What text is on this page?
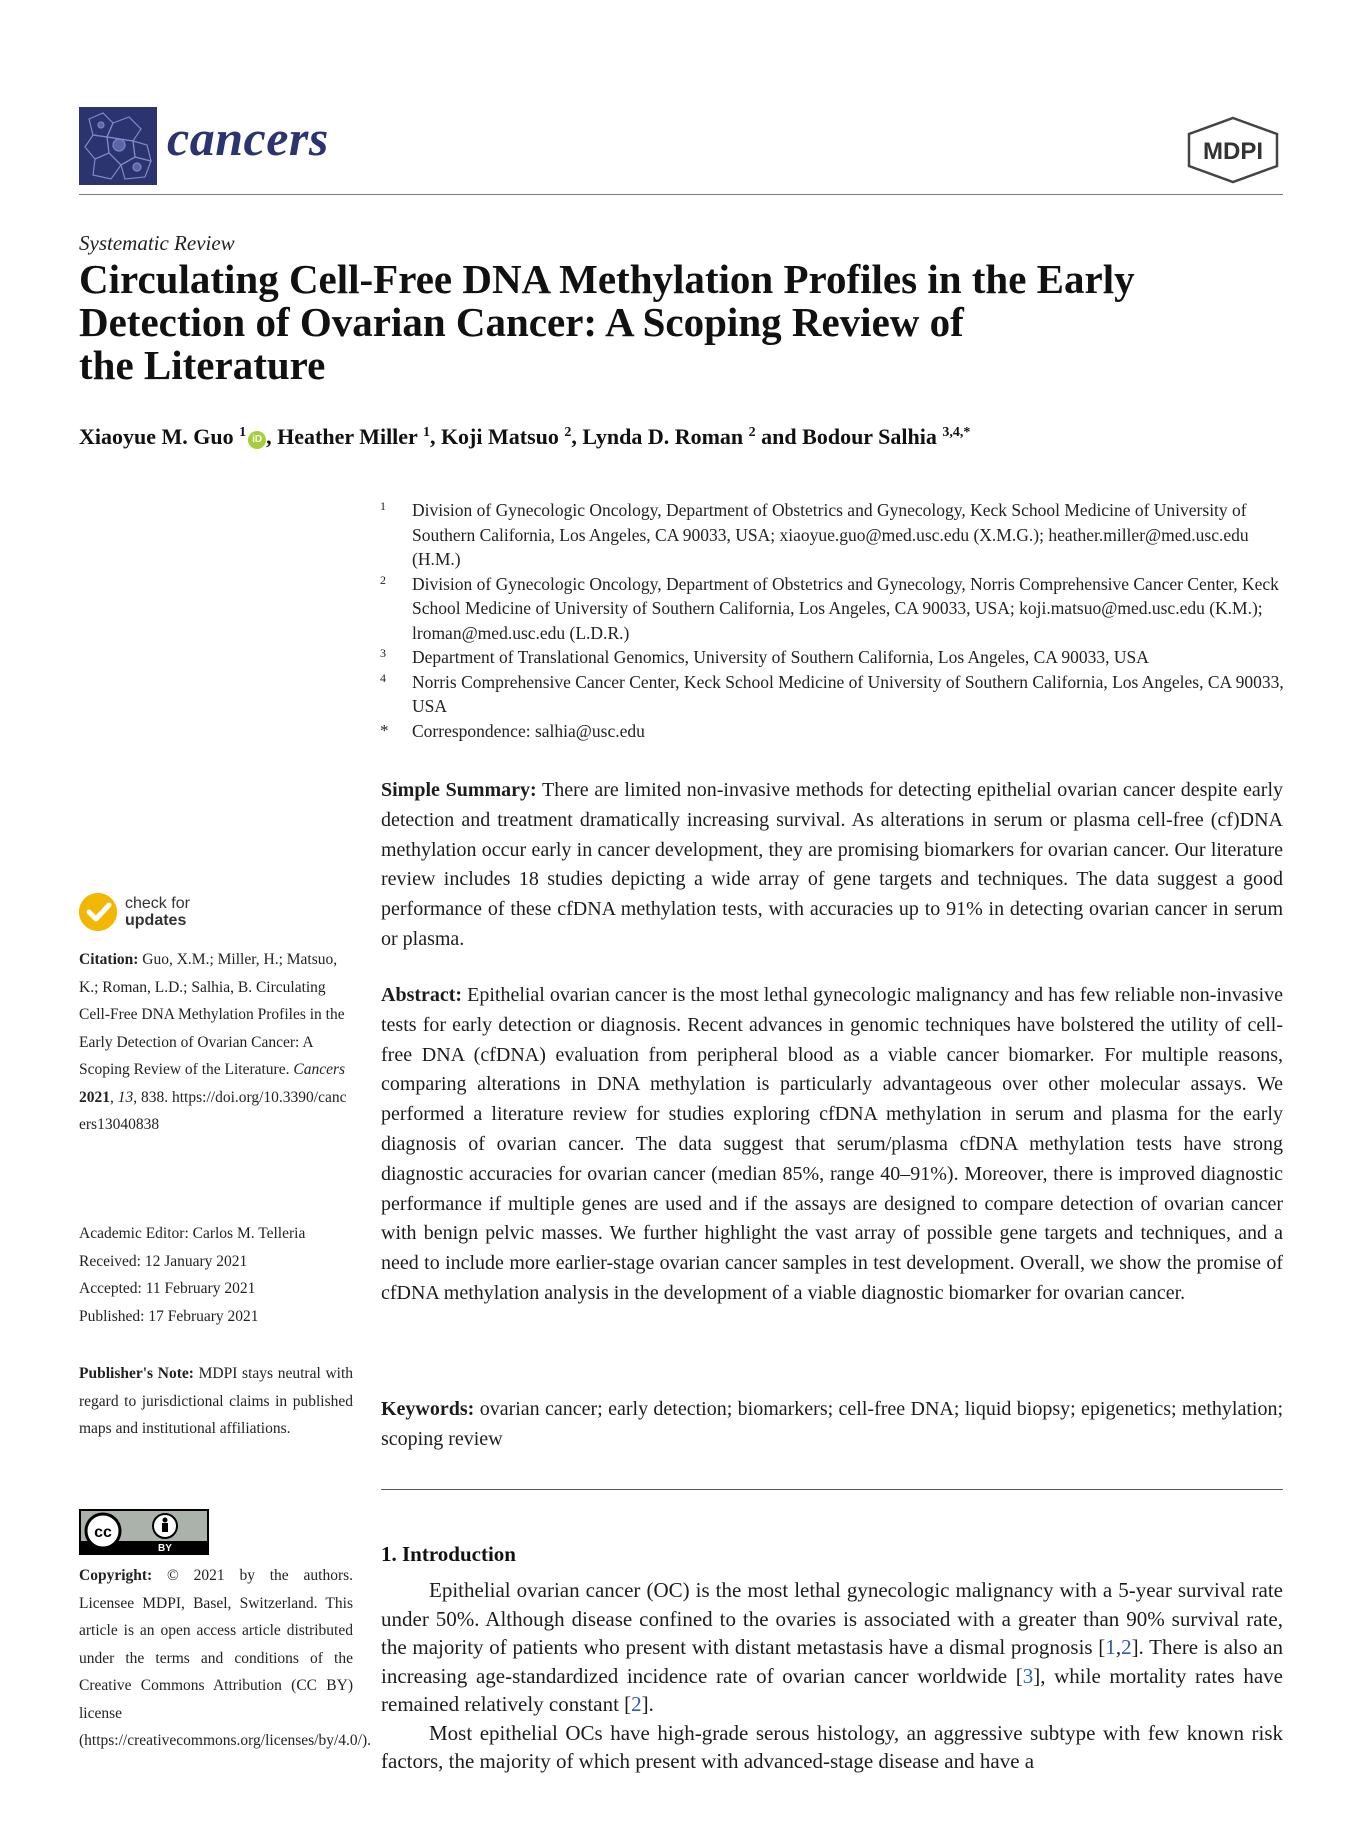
cancers	MDPI
Systematic Review
Circulating Cell-Free DNA Methylation Profiles in the Early
Detection of Ovarian Cancer: A Scoping Review of
the Literature
Xiaoyue M. Guo $^1$ iD , Heather Miller $^1$, Koji Matsuo $^2$, Lynda D. Roman $^2$ and Bodour Salhia $^{3,4,*}$
1 Division of Gynecologic Oncology, Department of Obstetrics and Gynecology, Keck School Medicine of University of Southern California, Los Angeles, CA 90033, USA; xiaoyue.guo@med.usc.edu (X.M.G.); heather.miller@med.usc.edu (H.M.)
2 Division of Gynecologic Oncology, Department of Obstetrics and Gynecology, Norris Comprehensive Cancer Center, Keck School Medicine of University of Southern California, Los Angeles, CA 90033, USA; koji.matsuo@med.usc.edu (K.M.); lroman@med.usc.edu (L.D.R.)
3 Department of Translational Genomics, University of Southern California, Los Angeles, CA 90033, USA
4 Norris Comprehensive Cancer Center, Keck School Medicine of University of Southern California, Los Angeles, CA 90033, USA
* Correspondence: salhia@usc.edu
Simple Summary: There are limited non-invasive methods for detecting epithelial ovarian cancer despite early detection and treatment dramatically increasing survival. As alterations in serum or plasma cell-free (cf)DNA methylation occur early in cancer development, they are promising biomarkers for ovarian cancer. Our literature review includes 18 studies depicting a wide array of gene targets and techniques. The data suggest a good performance of these cfDNA methylation tests, with accuracies up to 91% in detecting ovarian cancer in serum or plasma.
Abstract: Epithelial ovarian cancer is the most lethal gynecologic malignancy and has few reliable non-invasive tests for early detection or diagnosis. Recent advances in genomic techniques have bolstered the utility of cell-free DNA (cfDNA) evaluation from peripheral blood as a viable cancer biomarker. For multiple reasons, comparing alterations in DNA methylation is particularly advantageous over other molecular assays. We performed a literature review for studies exploring cfDNA methylation in serum and plasma for the early diagnosis of ovarian cancer. The data suggest that serum/plasma cfDNA methylation tests have strong diagnostic accuracies for ovarian cancer (median 85%, range 40–91%). Moreover, there is improved diagnostic performance if multiple genes are used and if the assays are designed to compare detection of ovarian cancer with benign pelvic masses. We further highlight the vast array of possible gene targets and techniques, and a need to include more earlier-stage ovarian cancer samples in test development. Overall, we show the promise of cfDNA methylation analysis in the development of a viable diagnostic biomarker for ovarian cancer.
Keywords: ovarian cancer; early detection; biomarkers; cell-free DNA; liquid biopsy; epigenetics; methylation; scoping review
1. Introduction

Epithelial ovarian cancer (OC) is the most lethal gynecologic malignancy with a 5-year survival rate under 50%. Although disease confined to the ovaries is associated with a greater than 90% survival rate, the majority of patients who present with distant metastasis have a dismal prognosis [1,2]. There is also an increasing age-standardized incidence rate of ovarian cancer worldwide [3], while mortality rates have remained relatively constant [2].

Most epithelial OCs have high-grade serous histology, an aggressive subtype with few known risk factors, the majority of which present with advanced-stage disease and have a

check for
updates
Citation: Guo, X.M.; Miller, H.; Matsuo, K.; Roman, L.D.; Salhia, B. Circulating Cell-Free DNA Methylation Profiles in the Early Detection of Ovarian Cancer: A Scoping Review of the Literature. Cancers 2021, 13, 838. https://doi.org/10.3390/cancers13040838
Academic Editor: Carlos M. Telleria
Received: 12 January 2021
Accepted: 11 February 2021
Published: 17 February 2021
Publisher's Note: MDPI stays neutral with regard to jurisdictional claims in published maps and institutional affiliations.
cc
BY
Copyright: © 2021 by the authors. Licensee MDPI, Basel, Switzerland. This article is an open access article distributed under the terms and conditions of the Creative Commons Attribution (CC BY) license (https://creativecommons.org/licenses/by/4.0/).
